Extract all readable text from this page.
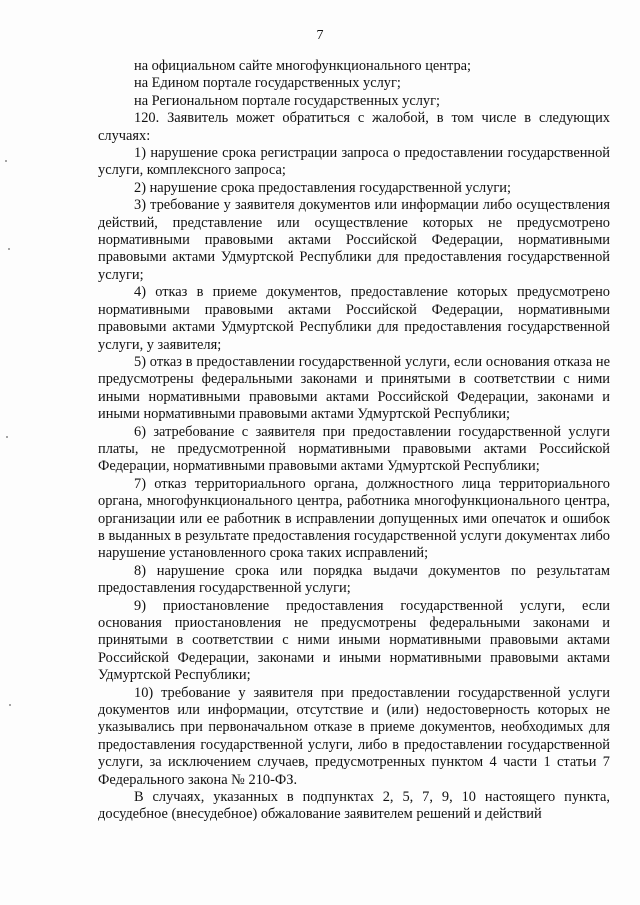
7

на официальном сайте многофункционального центра;

на Едином портале государственных услуг;

на Региональном портале государственных услуг;

120. Заявитель может обратиться с жалобой, в том числе в следующих случаях:

1) нарушение срока регистрации запроса о предоставлении государственной услуги, комплексного запроса;

2) нарушение срока предоставления государственной услуги;

3) требование у заявителя документов или информации либо осуществления действий, представление или осуществление которых не предусмотрено нормативными правовыми актами Российской Федерации, нормативными правовыми актами Удмуртской Республики для предоставления государственной услуги;

4) отказ в приеме документов, предоставление которых предусмотрено нормативными правовыми актами Российской Федерации, нормативными правовыми актами Удмуртской Республики для предоставления государственной услуги, у заявителя;

5) отказ в предоставлении государственной услуги, если основания отказа не предусмотрены федеральными законами и принятыми в соответствии с ними иными нормативными правовыми актами Российской Федерации, законами и иными нормативными правовыми актами Удмуртской Республики;

6) затребование с заявителя при предоставлении государственной услуги платы, не предусмотренной нормативными правовыми актами Российской Федерации, нормативными правовыми актами Удмуртской Республики;

7) отказ территориального органа, должностного лица территориального органа, многофункционального центра, работника многофункционального центра, организации или ее работник в исправлении допущенных ими опечаток и ошибок в выданных в результате предоставления государственной услуги документах либо нарушение установленного срока таких исправлений;

8) нарушение срока или порядка выдачи документов по результатам предоставления государственной услуги;

9) приостановление предоставления государственной услуги, если основания приостановления не предусмотрены федеральными законами и принятыми в соответствии с ними иными нормативными правовыми актами Российской Федерации, законами и иными нормативными правовыми актами Удмуртской Республики;

10) требование у заявителя при предоставлении государственной услуги документов или информации, отсутствие и (или) недостоверность которых не указывались при первоначальном отказе в приеме документов, необходимых для предоставления государственной услуги, либо в предоставлении государственной услуги, за исключением случаев, предусмотренных пунктом 4 части 1 статьи 7 Федерального закона № 210-ФЗ.

В случаях, указанных в подпунктах 2, 5, 7, 9, 10 настоящего пункта, досудебное (внесудебное) обжалование заявителем решений и действий
